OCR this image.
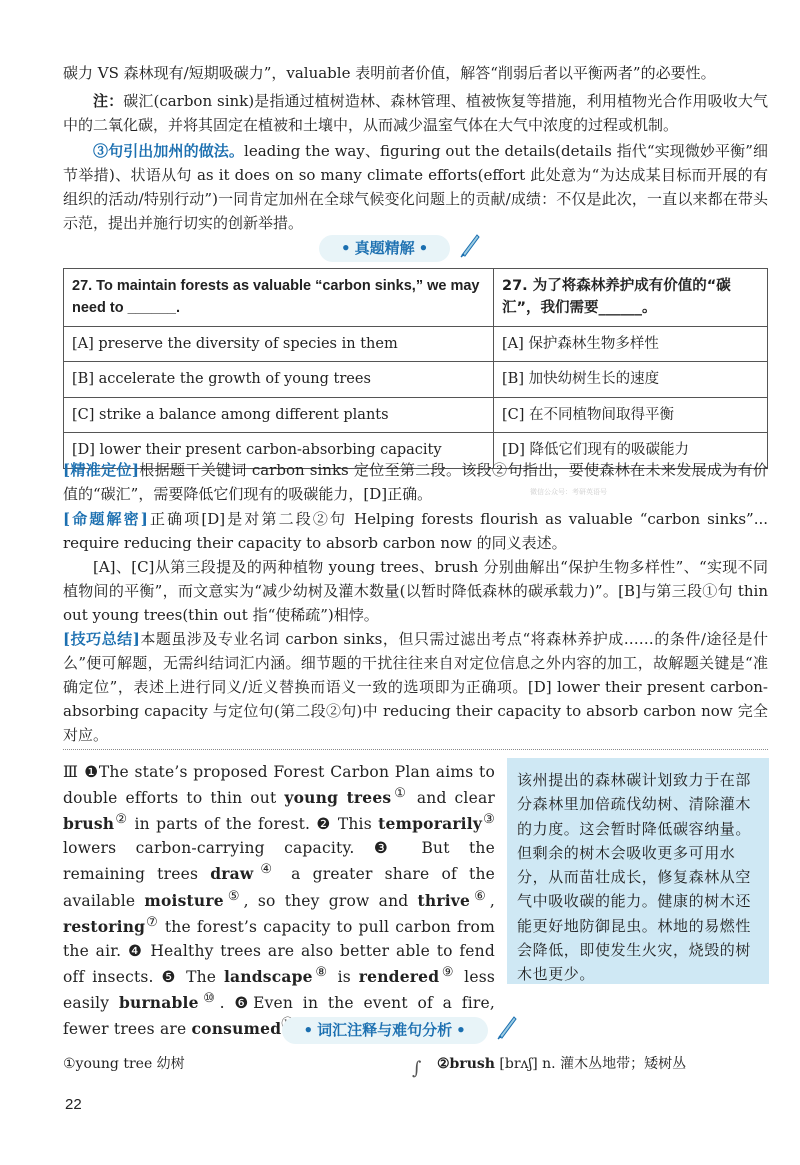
碳力 VS 森林现有/短期吸碳力”，valuable 表明前者价值，解答“削弱后者以平衡两者”的必要性。
注：碳汇(carbon sink)是指通过植树造林、森林管理、植被恢复等措施，利用植物光合作用吸收大气中的二氧化碳，并将其固定在植被和土壤中，从而减少温室气体在大气中浓度的过程或机制。
③句引出加州的做法。leading the way、figuring out the details(details 指代“实现微妙平衡”细节举措)、状语从句 as it does on so many climate efforts(effort 此处意为“为达成某目标而开展的有组织的活动/特别行动”)一同肯定加州在全球气候变化问题上的贡献/成绩：不仅是此次，一直以来都在带头示范，提出并施行切实的创新举措。
• 真题精解 •
27. To maintain forests as valuable “carbon sinks,” we may need to ______.	27. 为了将森林养护成有价值的“碳汇”，我们需要______。
[A] preserve the diversity of species in them	[A] 保护森林生物多样性
[B] accelerate the growth of young trees	[B] 加快幼树生长的速度
[C] strike a balance among different plants	[C] 在不同植物间取得平衡
[D] lower their present carbon-absorbing capacity	[D] 降低它们现有的吸碳能力
[精准定位]根据题干关键词 carbon sinks 定位至第二段。该段②句指出，要使森林在未来发展成为有价值的“碳汇”，需要降低它们现有的吸碳能力，[D]正确。	微信公众号：考研英语号
[命题解密]正确项[D]是对第二段②句 Helping forests flourish as valuable “carbon sinks”... require reducing their capacity to absorb carbon now 的同义表述。
[A]、[C]从第三段提及的两种植物 young trees、brush 分别曲解出“保护生物多样性”、“实现不同植物间的平衡”，而文意实为“减少幼树及灌木数量(以暂时降低森林的碳承载力)”。[B]与第三段①句 thin out young trees(thin out 指“使稀疏”)相悖。
[技巧总结]本题虽涉及专业名词 carbon sinks，但只需过滤出考点“将森林养护成……的条件/途径是什么”便可解题，无需纠结词汇内涵。细节题的干扰往往来自对定位信息之外内容的加工，故解题关键是“准确定位”，表述上进行同义/近义替换而语义一致的选项即为正确项。[D] lower their present carbon-absorbing capacity 与定位句(第二段②句)中 reducing their capacity to absorb carbon now 完全对应。
Ⅲ ❶The state’s proposed Forest Carbon Plan aims to double efforts to thin out young trees① and clear brush② in parts of the forest. ❷ This temporarily③ lowers carbon-carrying capacity. ❸ But the remaining trees draw④ a greater share of the available moisture⑤, so they grow and thrive⑥, restoring⑦ the forest’s capacity to pull carbon from the air. ❹ Healthy trees are also better able to fend off insects. ❺ The landscape⑧ is rendered⑨ less easily burnable⑩. ❻Even in the event of a fire, fewer trees are consumed
该州提出的森林碳计划致力于在部分森林里加倍疏伐幼树、清除灌木的力度。这会暂时降低碳容纳量。但剩余的树木会吸收更多可用水分，从而苗壮成长，修复森林从空气中吸收碳的能力。健康的树木还能更好地防御昆虫。林地的易燃性会降低，即使发生火灾，烧毁的树木也更少。
• 词汇注释与难句分析 •
①young tree 幼树	∫ ②brush [brʌʃ] n. 灌木丛地带；矮树丛
22
